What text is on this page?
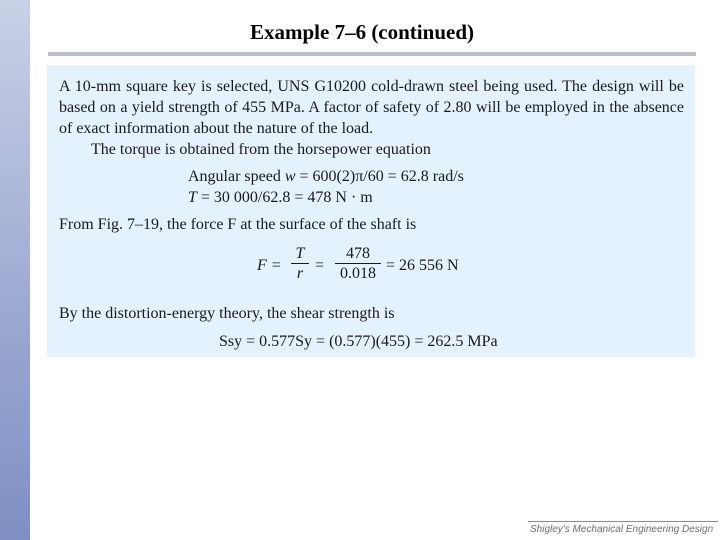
Example 7–6 (continued)
A 10-mm square key is selected, UNS G10200 cold-drawn steel being used. The design will be based on a yield strength of 455 MPa. A factor of safety of 2.80 will be employed in the absence of exact information about the nature of the load.
The torque is obtained from the horsepower equation
Angular speed w = 600(2)π/60 = 62.8 rad/s
T = 30 000/62.8 = 478 N · m
From Fig. 7–19, the force F at the surface of the shaft is
F =
T
r =
478
0.018 = 26 556 N
By the distortion-energy theory, the shear strength is
Ssy = 0.577Sy = (0.577)(455) = 262.5 MPa
Shigley's Mechanical Engineering Design
